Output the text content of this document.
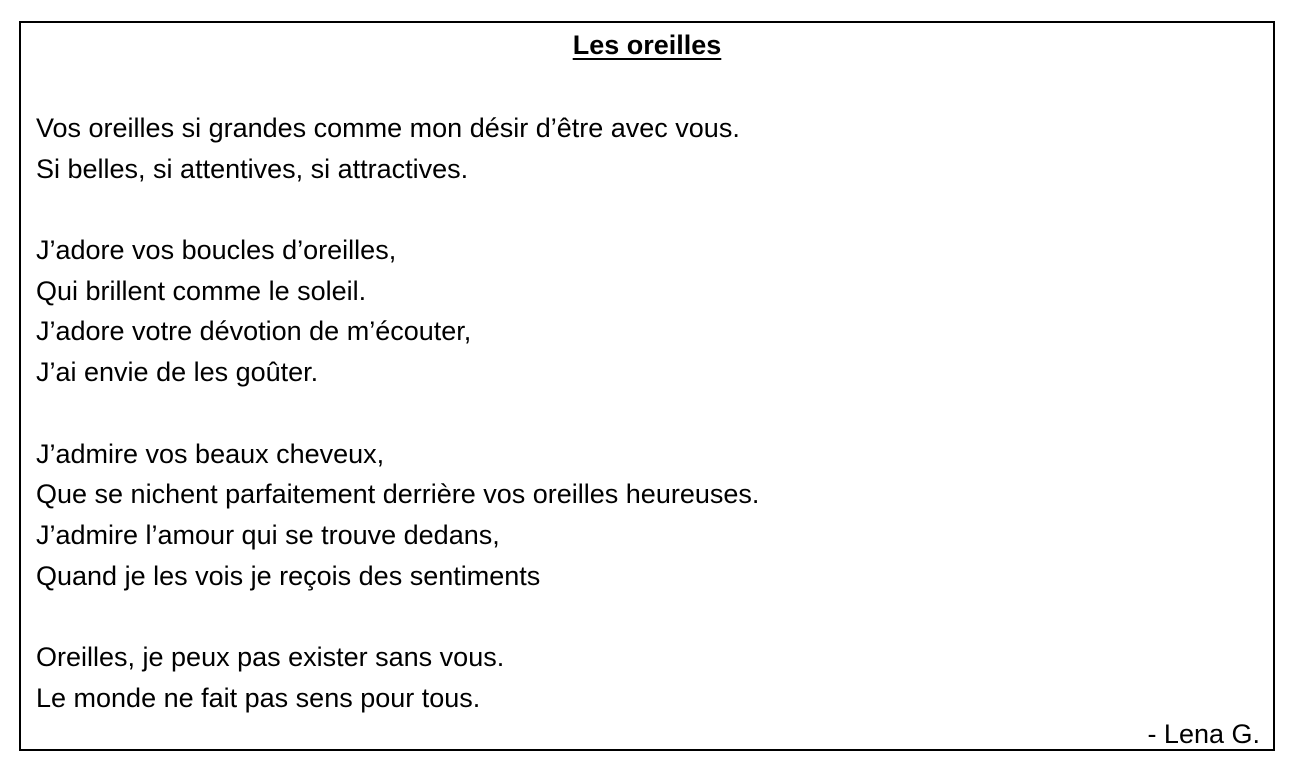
Les oreilles
Vos oreilles si grandes comme mon désir d’être avec vous.
Si belles, si attentives, si attractives.
J’adore vos boucles d’oreilles,
Qui brillent comme le soleil.
J’adore votre dévotion de m’écouter,
J’ai envie de les goûter.
J’admire vos beaux cheveux,
Que se nichent parfaitement derrière vos oreilles heureuses.
J’admire l’amour qui se trouve dedans,
Quand je les vois je reçois des sentiments
Oreilles, je peux pas exister sans vous.
Le monde ne fait pas sens pour tous.
- Lena G.
